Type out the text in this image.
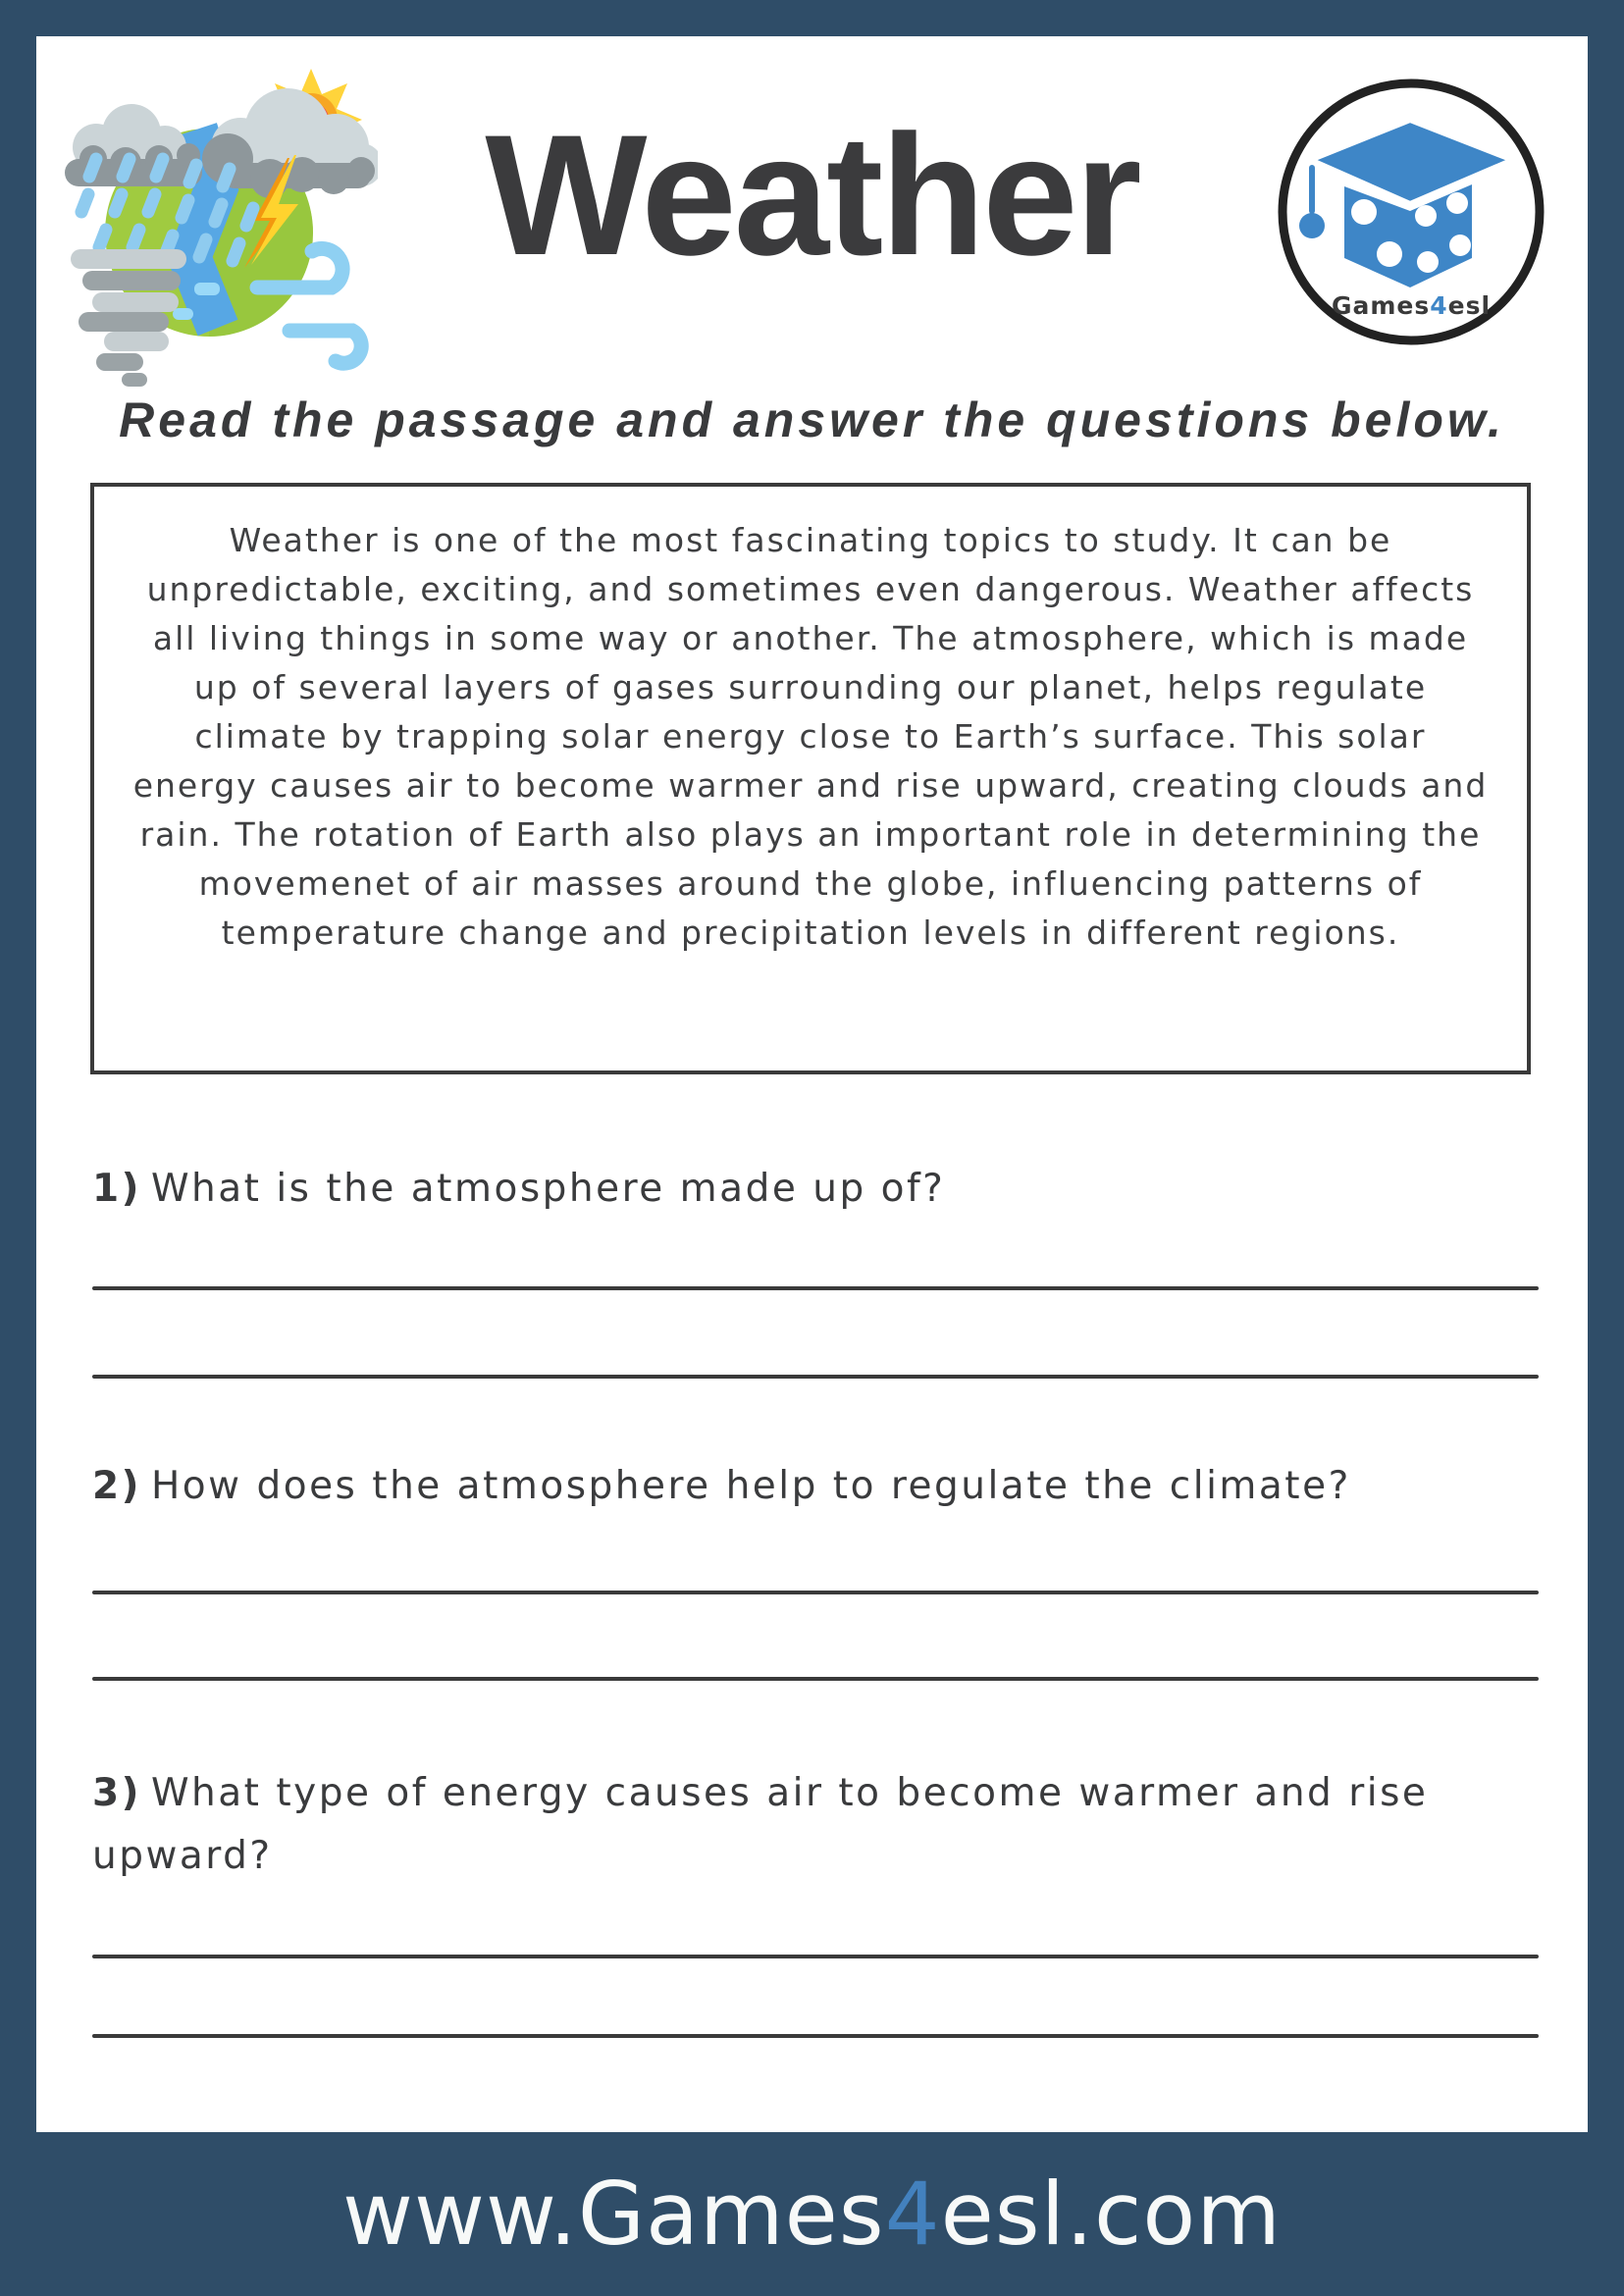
Weather
Games4esl
Read the passage and answer the questions below.
Weather is one of the most fascinating topics to study. It can be unpredictable, exciting, and sometimes even dangerous. Weather affects all living things in some way or another. The atmosphere, which is made up of several layers of gases surrounding our planet, helps regulate climate by trapping solar energy close to Earth’s surface. This solar energy causes air to become warmer and rise upward, creating clouds and rain. The rotation of Earth also plays an important role in determining the movemenet of air masses around the globe, influencing patterns of temperature change and precipitation levels in different regions.
1) What is the atmosphere made up of?
2) How does the atmosphere help to regulate the climate?
3) What type of energy causes air to become warmer and rise upward?
www.Games4esl.com
